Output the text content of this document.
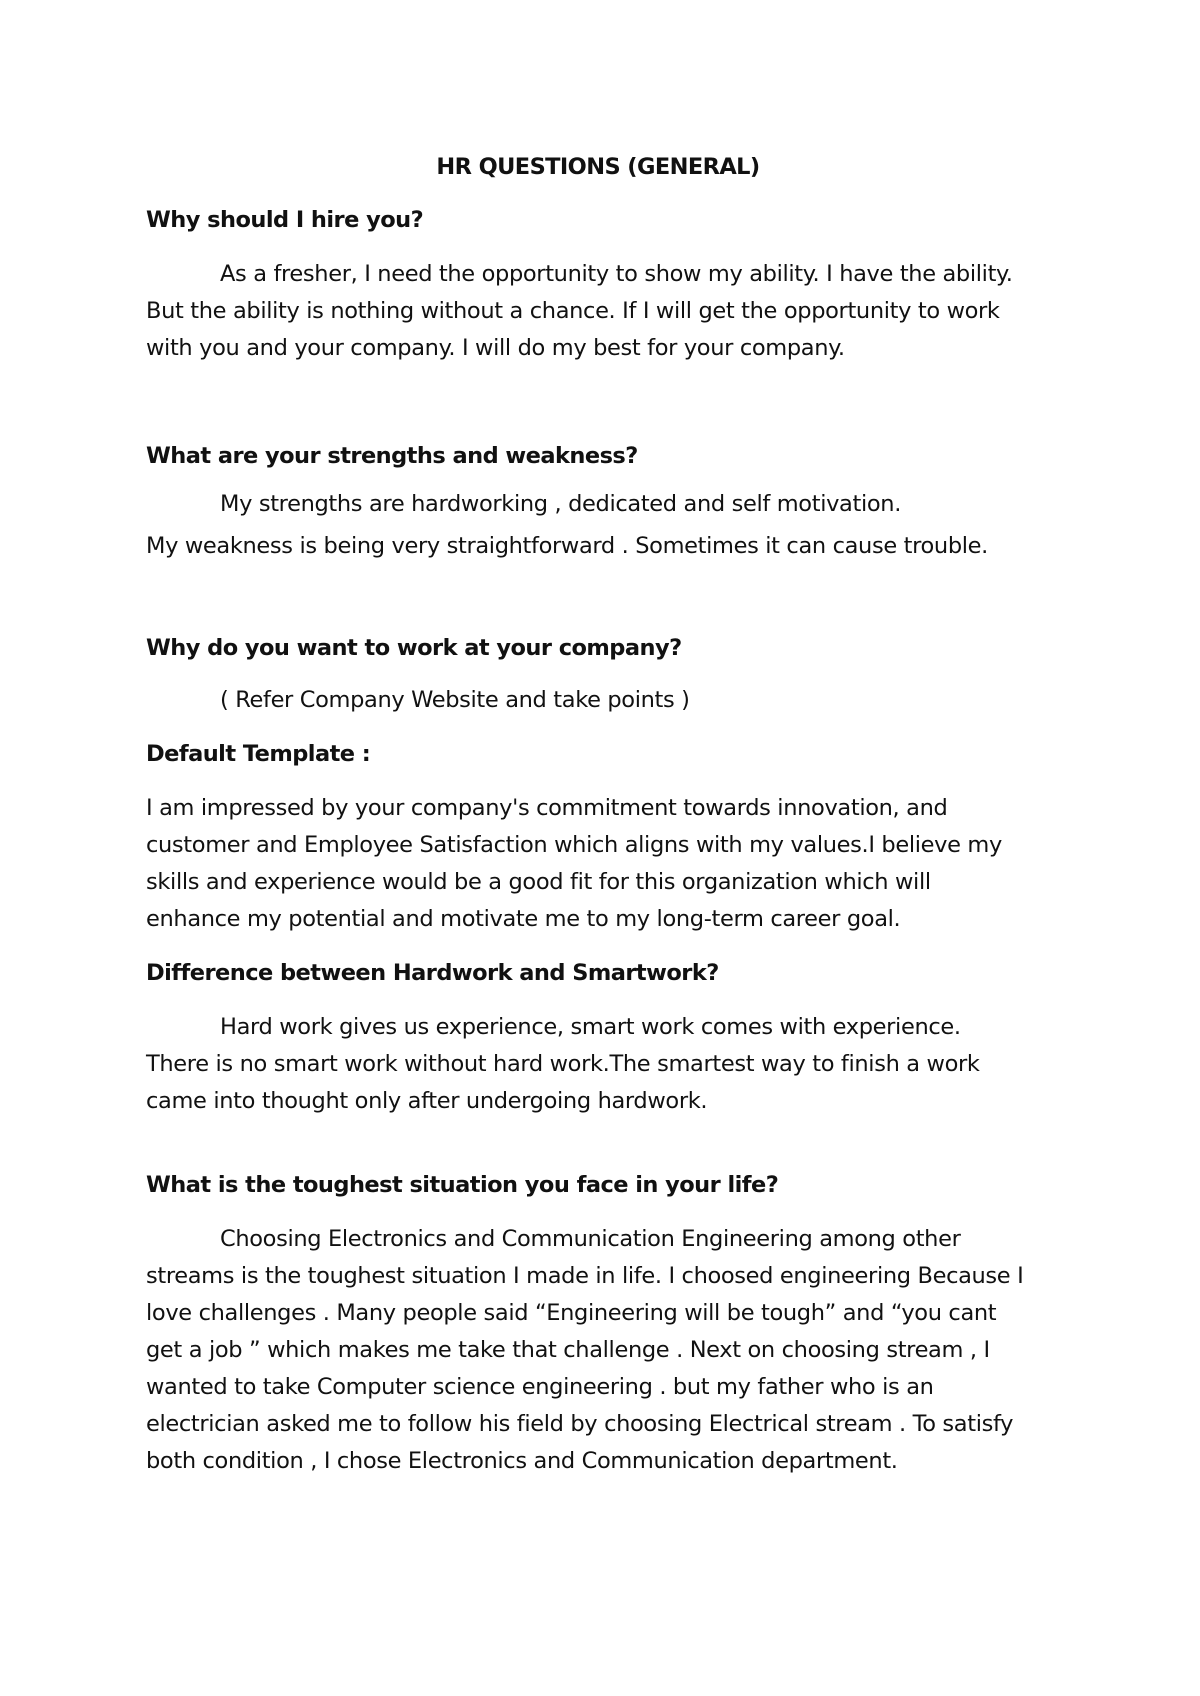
HR QUESTIONS (GENERAL)
Why should I hire you?
As a fresher, I need the opportunity to show my ability. I have the ability.
But the ability is nothing without a chance. If I will get the opportunity to work
with you and your company. I will do my best for your company.
What are your strengths and weakness?
My strengths are hardworking , dedicated and self motivation.
My weakness is being very straightforward . Sometimes it can cause trouble.
Why do you want to work at your company?
( Refer Company Website and take points )
Default Template :
I am impressed by your company's commitment towards innovation, and
customer and Employee Satisfaction which aligns with my values.I believe my
skills and experience would be a good fit for this organization which will
enhance my potential and motivate me to my long-term career goal.
Difference between Hardwork and Smartwork?
Hard work gives us experience, smart work comes with experience.
There is no smart work without hard work.The smartest way to finish a work
came into thought only after undergoing hardwork.
What is the toughest situation you face in your life?
Choosing Electronics and Communication Engineering among other
streams is the toughest situation I made in life. I choosed engineering Because I
love challenges . Many people said “Engineering will be tough” and “you cant
get a job ” which makes me take that challenge . Next on choosing stream , I
wanted to take Computer science engineering . but my father who is an
electrician asked me to follow his field by choosing Electrical stream . To satisfy
both condition , I chose Electronics and Communication department.
